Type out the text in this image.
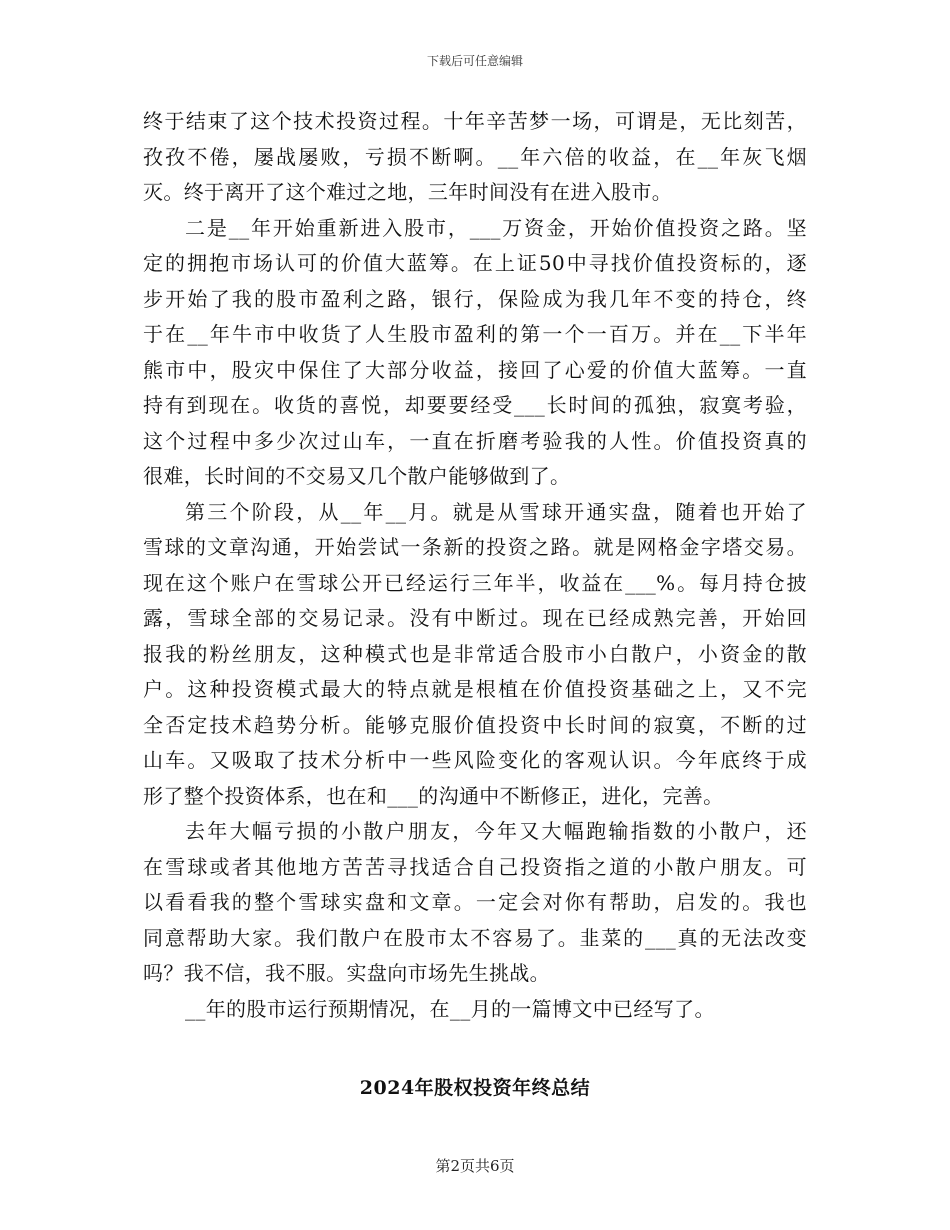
下载后可任意编辑
终于结束了这个技术投资过程。十年辛苦梦一场，可谓是，无比刻苦，
孜孜不倦，屡战屡败，亏损不断啊。__年六倍的收益，在__年灰飞烟
灭。终于离开了这个难过之地，三年时间没有在进入股市。
二是__年开始重新进入股市，___万资金，开始价值投资之路。坚
定的拥抱市场认可的价值大蓝筹。在上证50中寻找价值投资标的，逐
步开始了我的股市盈利之路，银行，保险成为我几年不变的持仓，终
于在__年牛市中收货了人生股市盈利的第一个一百万。并在__下半年
熊市中，股灾中保住了大部分收益，接回了心爱的价值大蓝筹。一直
持有到现在。收货的喜悦，却要要经受___长时间的孤独，寂寞考验，
这个过程中多少次过山车，一直在折磨考验我的人性。价值投资真的
很难，长时间的不交易又几个散户能够做到了。
第三个阶段，从__年__月。就是从雪球开通实盘，随着也开始了
雪球的文章沟通，开始尝试一条新的投资之路。就是网格金字塔交易。
现在这个账户在雪球公开已经运行三年半，收益在___%。每月持仓披
露，雪球全部的交易记录。没有中断过。现在已经成熟完善，开始回
报我的粉丝朋友，这种模式也是非常适合股市小白散户，小资金的散
户。这种投资模式最大的特点就是根植在价值投资基础之上，又不完
全否定技术趋势分析。能够克服价值投资中长时间的寂寞，不断的过
山车。又吸取了技术分析中一些风险变化的客观认识。今年底终于成
形了整个投资体系，也在和___的沟通中不断修正，进化，完善。
去年大幅亏损的小散户朋友，今年又大幅跑输指数的小散户，还
在雪球或者其他地方苦苦寻找适合自己投资指之道的小散户朋友。可
以看看我的整个雪球实盘和文章。一定会对你有帮助，启发的。我也
同意帮助大家。我们散户在股市太不容易了。韭菜的___真的无法改变
吗？我不信，我不服。实盘向市场先生挑战。
__年的股市运行预期情况，在__月的一篇博文中已经写了。
2024年股权投资年终总结
第2页共6页
